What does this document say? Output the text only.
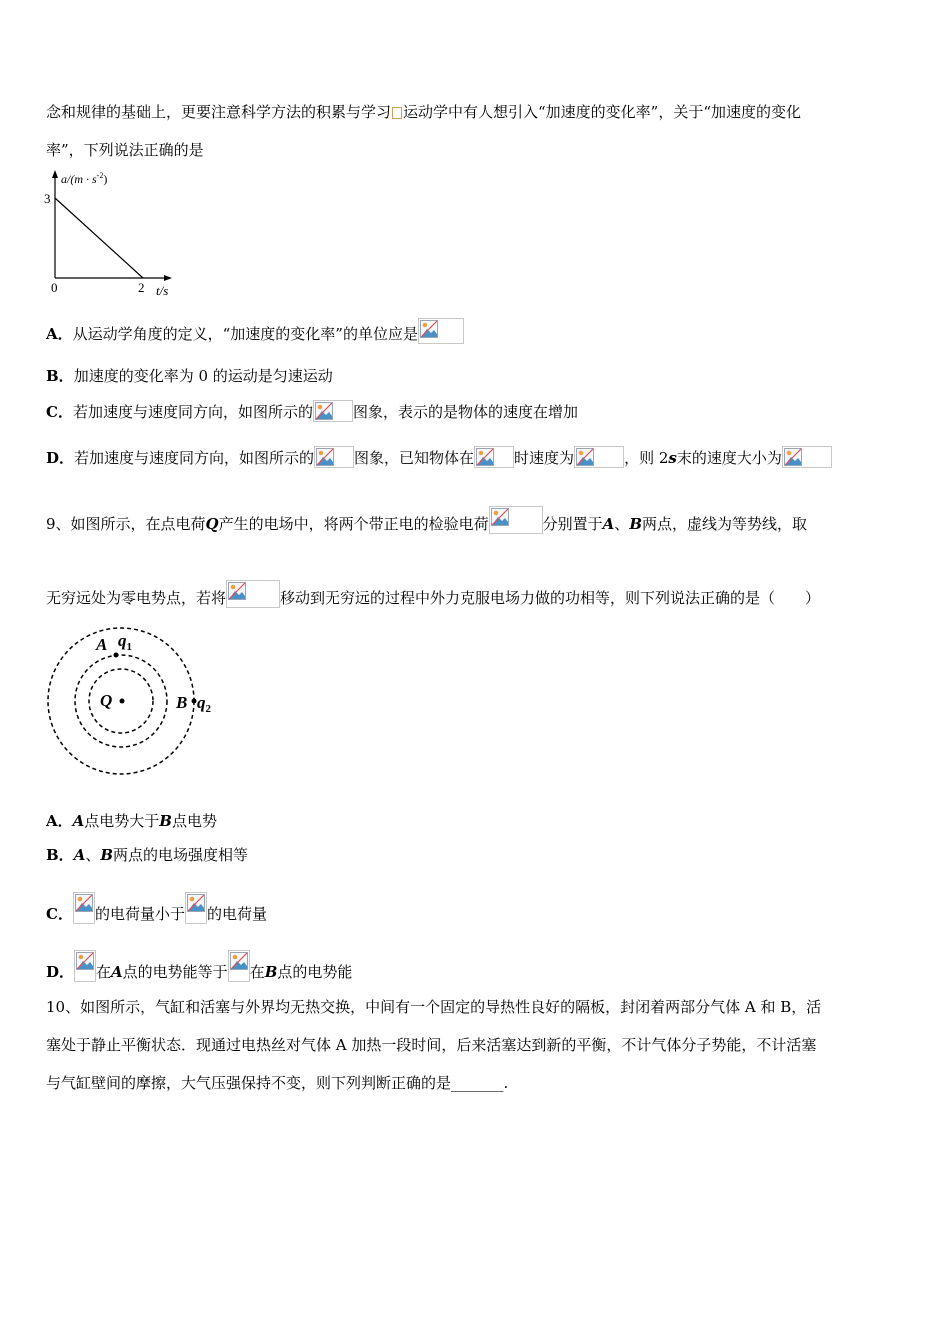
念和规律的基础上，更要注意科学方法的积累与学习 运动学中有人想引入“加速度的变化率”，关于“加速度的变化
率”，下列说法正确的是
$a/(m \cdot s^{-2})$
3
0	2 t/s
A．从运动学角度的定义，“加速度的变化率”的单位应是
B．加速度的变化率为 0 的运动是匀速运动
C．若加速度与速度同方向，如图所示的	图象，表示的是物体的速度在增加
D．若加速度与速度同方向，如图所示的	图象，已知物体在	时速度为	，则 2s末的速度大小为
9、如图所示，在点电荷Q产生的电场中，将两个带正电的检验电荷	分别置于A、B两点，虚线为等势线，取
无穷远处为零电势点，若将	移动到无穷远的过程中外力克服电场力做的功相等，则下列说法正确的是（　　）
Q
A $q_1$
B $q_2$
A．A点电势大于B点电势
B．A、B两点的电场强度相等
C． 的电荷量小于 的电荷量
D． 在A点的电势能等于 在B点的电势能
10、如图所示，气缸和活塞与外界均无热交换，中间有一个固定的导热性良好的隔板，封闭着两部分气体 A 和 B，活
塞处于静止平衡状态．现通过电热丝对气体 A 加热一段时间，后来活塞达到新的平衡，不计气体分子势能，不计活塞
与气缸壁间的摩擦，大气压强保持不变，则下列判断正确的是_______.
